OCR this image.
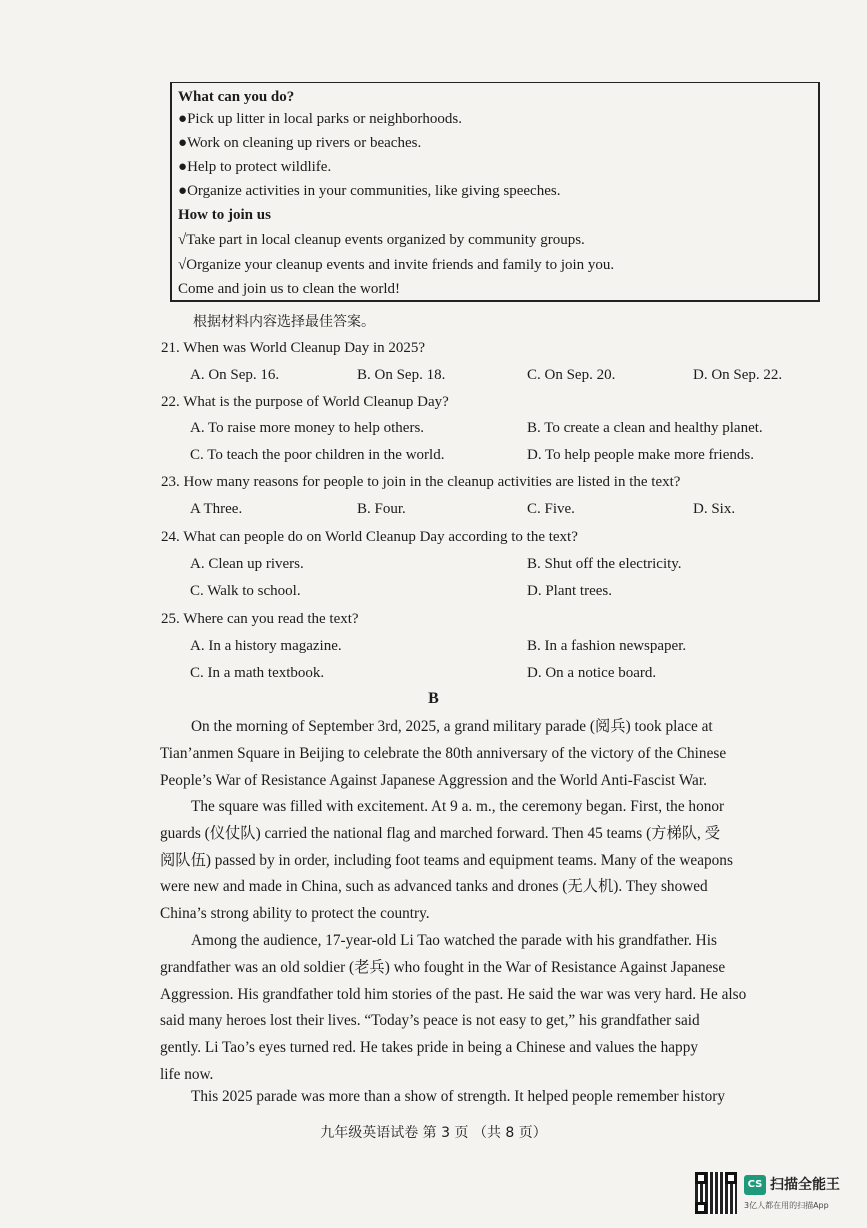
What can you do?
●Pick up litter in local parks or neighborhoods.
●Work on cleaning up rivers or beaches.
●Help to protect wildlife.
●Organize activities in your communities, like giving speeches.
How to join us
√Take part in local cleanup events organized by community groups.
√Organize your cleanup events and invite friends and family to join you.
Come and join us to clean the world!
根据材料内容选择最佳答案。
21. When was World Cleanup Day in 2025?
A. On Sep. 16.	B. On Sep. 18.	C. On Sep. 20.	D. On Sep. 22.
22. What is the purpose of World Cleanup Day?
A. To raise more money to help others.	B. To create a clean and healthy planet.
C. To teach the poor children in the world.	D. To help people make more friends.
23. How many reasons for people to join in the cleanup activities are listed in the text?
A Three.	B. Four.	C. Five.	D. Six.
24. What can people do on World Cleanup Day according to the text?
A. Clean up rivers.	B. Shut off the electricity.
C. Walk to school.	D. Plant trees.
25. Where can you read the text?
A. In a history magazine.	B. In a fashion newspaper.
C. In a math textbook.	D. On a notice board.
B
On the morning of September 3rd, 2025, a grand military parade (阅兵) took place at
Tian’anmen Square in Beijing to celebrate the 80th anniversary of the victory of the Chinese
People’s War of Resistance Against Japanese Aggression and the World Anti-Fascist War.
The square was filled with excitement. At 9 a. m., the ceremony began. First, the honor
guards (仪仗队) carried the national flag and marched forward. Then 45 teams (方梯队, 受
阅队伍) passed by in order, including foot teams and equipment teams. Many of the weapons
were new and made in China, such as advanced tanks and drones (无人机). They showed
China’s strong ability to protect the country.
Among the audience, 17-year-old Li Tao watched the parade with his grandfather. His
grandfather was an old soldier (老兵) who fought in the War of Resistance Against Japanese
Aggression. His grandfather told him stories of the past. He said the war was very hard. He also
said many heroes lost their lives. “Today’s peace is not easy to get,” his grandfather said
gently. Li Tao’s eyes turned red. He takes pride in being a Chinese and values the happy
life now.
This 2025 parade was more than a show of strength. It helped people remember history
九年级英语试卷 第 3 页 （共 8 页）
CS 扫描全能王
3亿人都在用的扫描App
